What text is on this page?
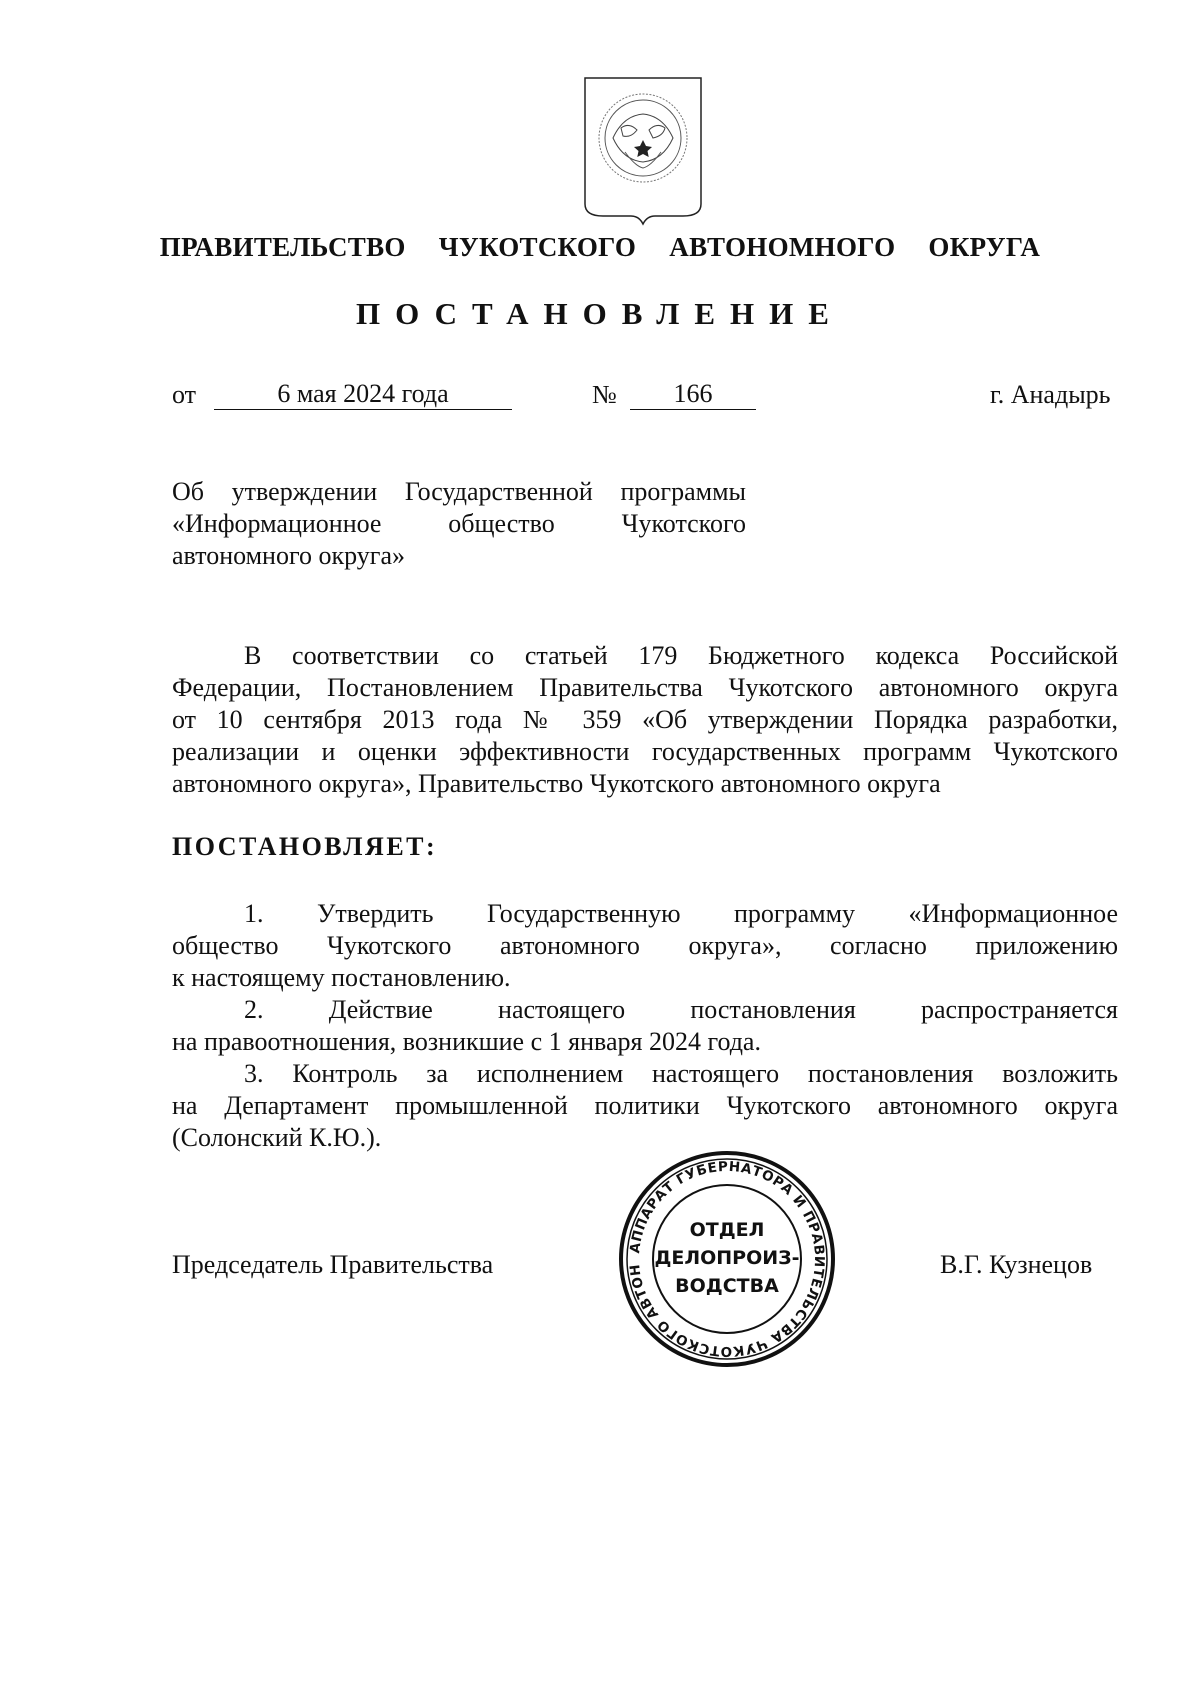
ПРАВИТЕЛЬСТВО ЧУКОТСКОГО АВТОНОМНОГО ОКРУГА
ПОСТАНОВЛЕНИЕ
от	6 мая 2024 года	№	166	г. Анадырь
Об утверждении Государственной программы
«Информационное общество Чукотского
автономного округа»
В соответствии со статьей 179 Бюджетного кодекса Российской
Федерации, Постановлением Правительства Чукотского автономного округа
от 10 сентября 2013 года № 359 «Об утверждении Порядка разработки,
реализации и оценки эффективности государственных программ Чукотского
автономного округа», Правительство Чукотского автономного округа
ПОСТАНОВЛЯЕТ:
1. Утвердить Государственную программу «Информационное
общество Чукотского автономного округа», согласно приложению
к настоящему постановлению.
2. Действие настоящего постановления распространяется
на правоотношения, возникшие с 1 января 2024 года.
3. Контроль за исполнением настоящего постановления возложить
на Департамент промышленной политики Чукотского автономного округа
(Солонский К.Ю.).
Председатель Правительства	В.Г. Кузнецов
АППАРАТ ГУБЕРНАТОРА И ПРАВИТЕЛЬСТВА ЧУКОТСКОГО АВТОН
ОТДЕЛ
ДЕЛОПРОИЗ-
ВОДСТВА
